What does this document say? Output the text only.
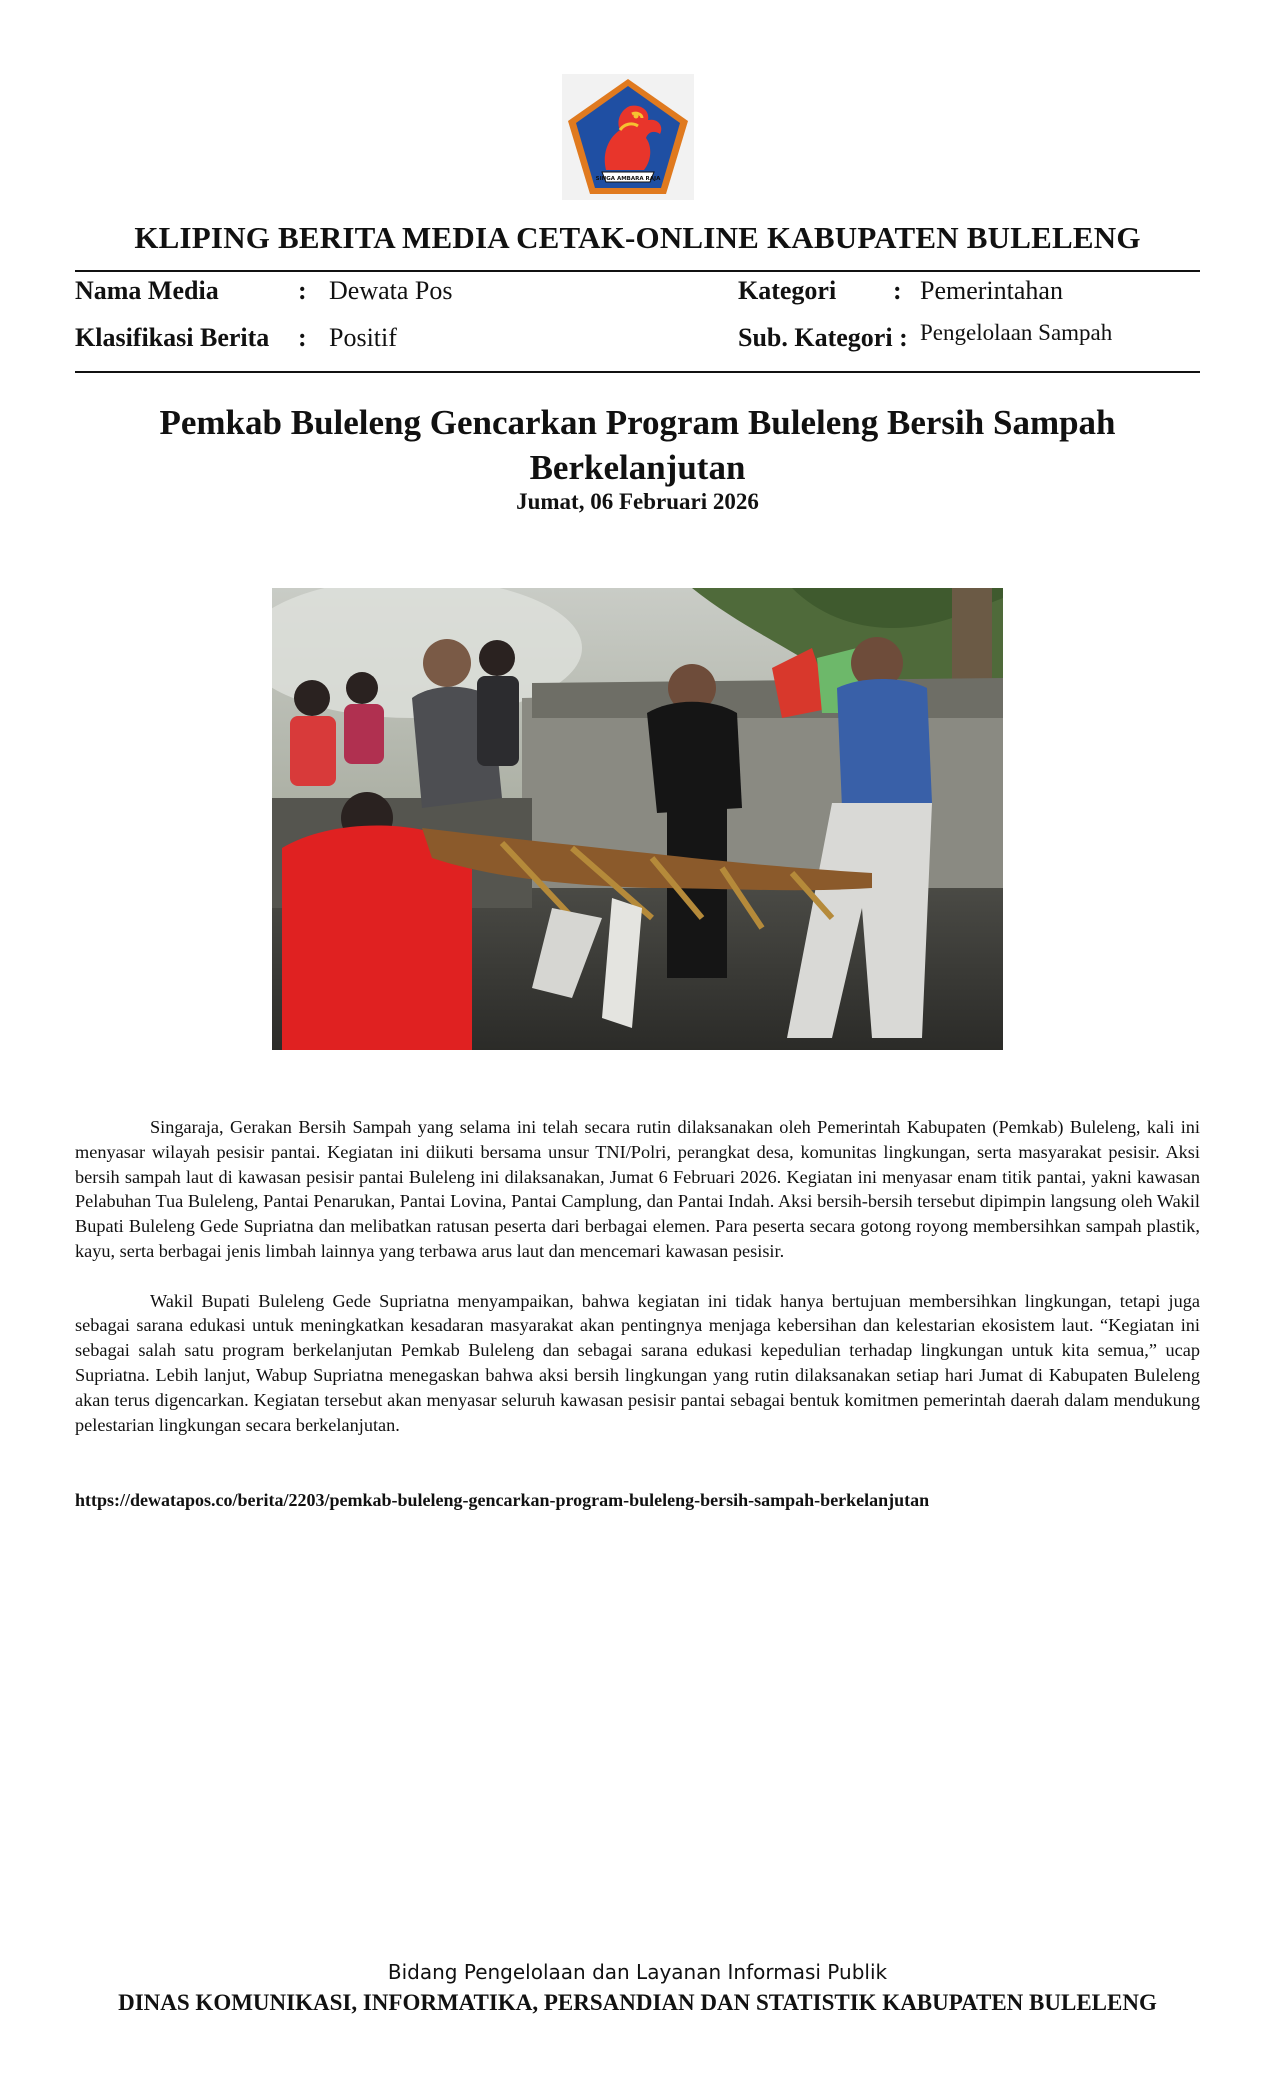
SINGA AMBARA RAJA
KLIPING BERITA MEDIA CETAK-ONLINE KABUPATEN BULELENG
Nama Media	: Dewata Pos
Klasifikasi Berita : Positif
Kategori : Pemerintahan
Sub. Kategori : Pengelolaan Sampah
Pemkab Buleleng Gencarkan Program Buleleng Bersih Sampah Berkelanjutan
Jumat, 06 Februari 2026

Singaraja, Gerakan Bersih Sampah yang selama ini telah secara rutin dilaksanakan oleh Pemerintah Kabupaten (Pemkab) Buleleng, kali ini menyasar wilayah pesisir pantai. Kegiatan ini diikuti bersama unsur TNI/Polri, perangkat desa, komunitas lingkungan, serta masyarakat pesisir. Aksi bersih sampah laut di kawasan pesisir pantai Buleleng ini dilaksanakan, Jumat 6 Februari 2026. Kegiatan ini menyasar enam titik pantai, yakni kawasan Pelabuhan Tua Buleleng, Pantai Penarukan, Pantai Lovina, Pantai Camplung, dan Pantai Indah. Aksi bersih-bersih tersebut dipimpin langsung oleh Wakil Bupati Buleleng Gede Supriatna dan melibatkan ratusan peserta dari berbagai elemen. Para peserta secara gotong royong membersihkan sampah plastik, kayu, serta berbagai jenis limbah lainnya yang terbawa arus laut dan mencemari kawasan pesisir.

Wakil Bupati Buleleng Gede Supriatna menyampaikan, bahwa kegiatan ini tidak hanya bertujuan membersihkan lingkungan, tetapi juga sebagai sarana edukasi untuk meningkatkan kesadaran masyarakat akan pentingnya menjaga kebersihan dan kelestarian ekosistem laut. “Kegiatan ini sebagai salah satu program berkelanjutan Pemkab Buleleng dan sebagai sarana edukasi kepedulian terhadap lingkungan untuk kita semua,” ucap Supriatna. Lebih lanjut, Wabup Supriatna menegaskan bahwa aksi bersih lingkungan yang rutin dilaksanakan setiap hari Jumat di Kabupaten Buleleng akan terus digencarkan. Kegiatan tersebut akan menyasar seluruh kawasan pesisir pantai sebagai bentuk komitmen pemerintah daerah dalam mendukung pelestarian lingkungan secara berkelanjutan.

https://dewatapos.co/berita/2203/pemkab-buleleng-gencarkan-program-buleleng-bersih-sampah-berkelanjutan
Bidang Pengelolaan dan Layanan Informasi Publik
DINAS KOMUNIKASI, INFORMATIKA, PERSANDIAN DAN STATISTIK KABUPATEN BULELENG
